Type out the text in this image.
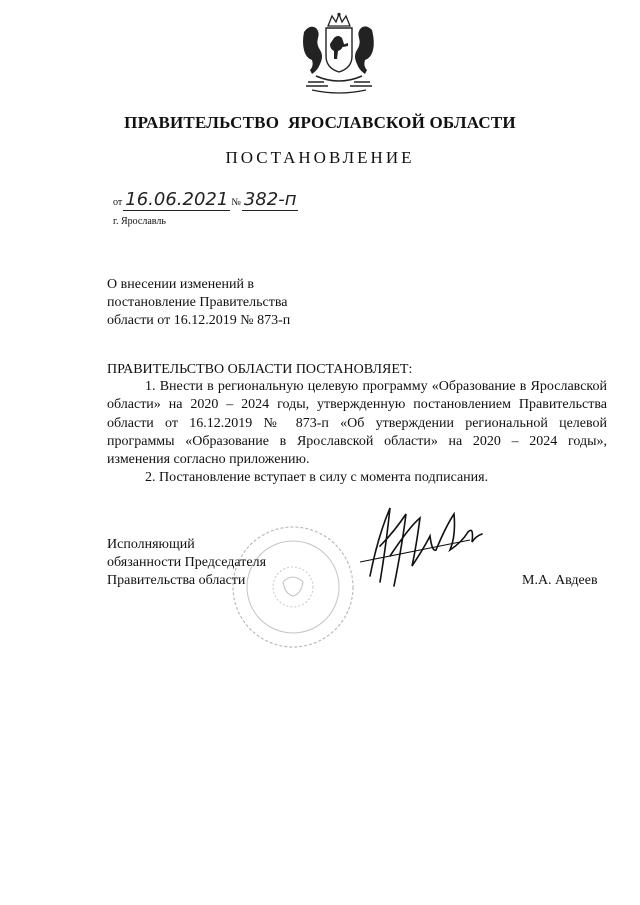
ПРАВИТЕЛЬСТВО  ЯРОСЛАВСКОЙ ОБЛАСТИ
ПОСТАНОВЛЕНИЕ
от 16.06.2021 № 382-п
г. Ярославль
О внесении изменений в
постановление Правительства
области от 16.12.2019 № 873-п
ПРАВИТЕЛЬСТВО ОБЛАСТИ ПОСТАНОВЛЯЕТ:

1. Внести в региональную целевую программу «Образование в Ярославской области» на 2020 – 2024 годы, утвержденную постановлением Правительства области от 16.12.2019 № 873-п «Об утверждении региональной целевой программы «Образование в Ярославской области» на 2020 – 2024 годы», изменения согласно приложению.

2. Постановление вступает в силу с момента подписания.

Исполняющий
обязанности Председателя
Правительства области	М.А. Авдеев
